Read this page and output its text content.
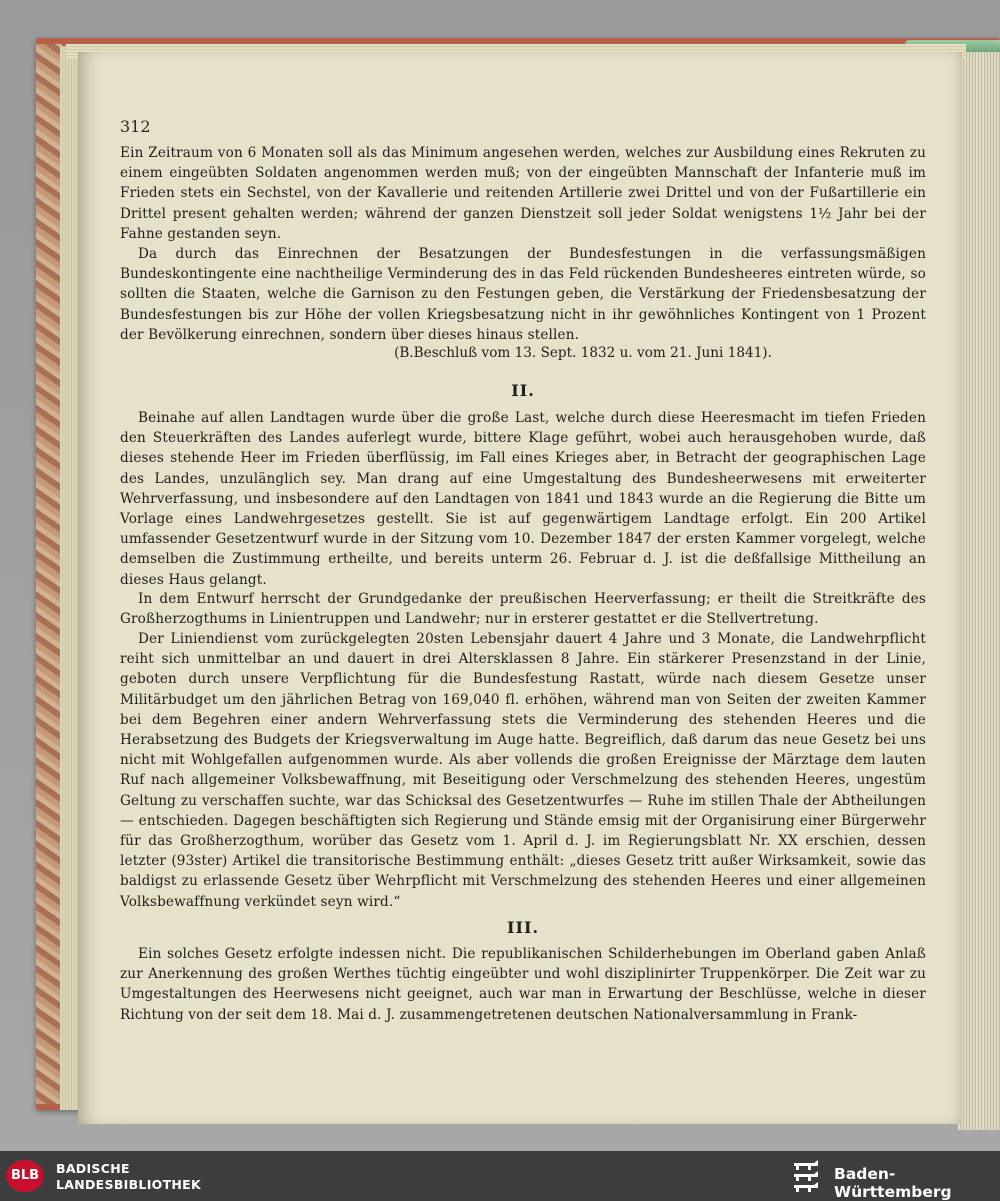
312

Ein Zeitraum von 6 Monaten soll als das Minimum angesehen werden, welches zur Ausbildung eines Rekruten zu einem eingeübten Soldaten angenommen werden muß; von der eingeübten Mannschaft der Infanterie muß im Frieden stets ein Sechstel, von der Kavallerie und reitenden Artillerie zwei Drittel und von der Fußartillerie ein Drittel present gehalten werden; während der ganzen Dienstzeit soll jeder Soldat wenigstens 1½ Jahr bei der Fahne gestanden seyn.

Da durch das Einrechnen der Besatzungen der Bundesfestungen in die verfassungsmäßigen Bundeskontingente eine nachtheilige Verminderung des in das Feld rückenden Bundesheeres eintreten würde, so sollten die Staaten, welche die Garnison zu den Festungen geben, die Verstärkung der Friedensbesatzung der Bundesfestungen bis zur Höhe der vollen Kriegsbesatzung nicht in ihr gewöhnliches Kontingent von 1 Prozent der Bevölkerung einrechnen, sondern über dieses hinaus stellen.

(B.Beschluß vom 13. Sept. 1832 u. vom 21. Juni 1841).
II.

Beinahe auf allen Landtagen wurde über die große Last, welche durch diese Heeresmacht im tiefen Frieden den Steuerkräften des Landes auferlegt wurde, bittere Klage geführt, wobei auch herausgehoben wurde, daß dieses stehende Heer im Frieden überflüssig, im Fall eines Krieges aber, in Betracht der geographischen Lage des Landes, unzulänglich sey. Man drang auf eine Umgestaltung des Bundesheerwesens mit erweiterter Wehrverfassung, und insbesondere auf den Landtagen von 1841 und 1843 wurde an die Regierung die Bitte um Vorlage eines Landwehrgesetzes gestellt. Sie ist auf gegenwärtigem Landtage erfolgt. Ein 200 Artikel umfassender Gesetzentwurf wurde in der Sitzung vom 10. Dezember 1847 der ersten Kammer vorgelegt, welche demselben die Zustimmung ertheilte, und bereits unterm 26. Februar d. J. ist die deßfallsige Mittheilung an dieses Haus gelangt.

In dem Entwurf herrscht der Grundgedanke der preußischen Heerverfassung; er theilt die Streitkräfte des Großherzogthums in Linientruppen und Landwehr; nur in ersterer gestattet er die Stellvertretung.

Der Liniendienst vom zurückgelegten 20sten Lebensjahr dauert 4 Jahre und 3 Monate, die Landwehrpflicht reiht sich unmittelbar an und dauert in drei Altersklassen 8 Jahre. Ein stärkerer Presenzstand in der Linie, geboten durch unsere Verpflichtung für die Bundesfestung Rastatt, würde nach diesem Gesetze unser Militärbudget um den jährlichen Betrag von 169,040 fl. erhöhen, während man von Seiten der zweiten Kammer bei dem Begehren einer andern Wehrverfassung stets die Verminderung des stehenden Heeres und die Herabsetzung des Budgets der Kriegsverwaltung im Auge hatte. Begreiflich, daß darum das neue Gesetz bei uns nicht mit Wohlgefallen aufgenommen wurde. Als aber vollends die großen Ereignisse der Märztage dem lauten Ruf nach allgemeiner Volksbewaffnung, mit Beseitigung oder Verschmelzung des stehenden Heeres, ungestüm Geltung zu verschaffen suchte, war das Schicksal des Gesetzentwurfes — Ruhe im stillen Thale der Abtheilungen — entschieden. Dagegen beschäftigten sich Regierung und Stände emsig mit der Organisirung einer Bürgerwehr für das Großherzogthum, worüber das Gesetz vom 1. April d. J. im Regierungsblatt Nr. XX erschien, dessen letzter (93ster) Artikel die transitorische Bestimmung enthält: „dieses Gesetz tritt außer Wirksamkeit, sowie das baldigst zu erlassende Gesetz über Wehrpflicht mit Verschmelzung des stehenden Heeres und einer allgemeinen Volksbewaffnung verkündet seyn wird.“

III.

Ein solches Gesetz erfolgte indessen nicht. Die republikanischen Schilderhebungen im Oberland gaben Anlaß zur Anerkennung des großen Werthes tüchtig eingeübter und wohl disziplinirter Truppenkörper. Die Zeit war zu Umgestaltungen des Heerwesens nicht geeignet, auch war man in Erwartung der Beschlüsse, welche in dieser Richtung von der seit dem 18. Mai d. J. zusammengetretenen deutschen Nationalversammlung in Frank-

BLB	BADISCHE
LANDESBIBLIOTHEK
Baden-Württemberg
